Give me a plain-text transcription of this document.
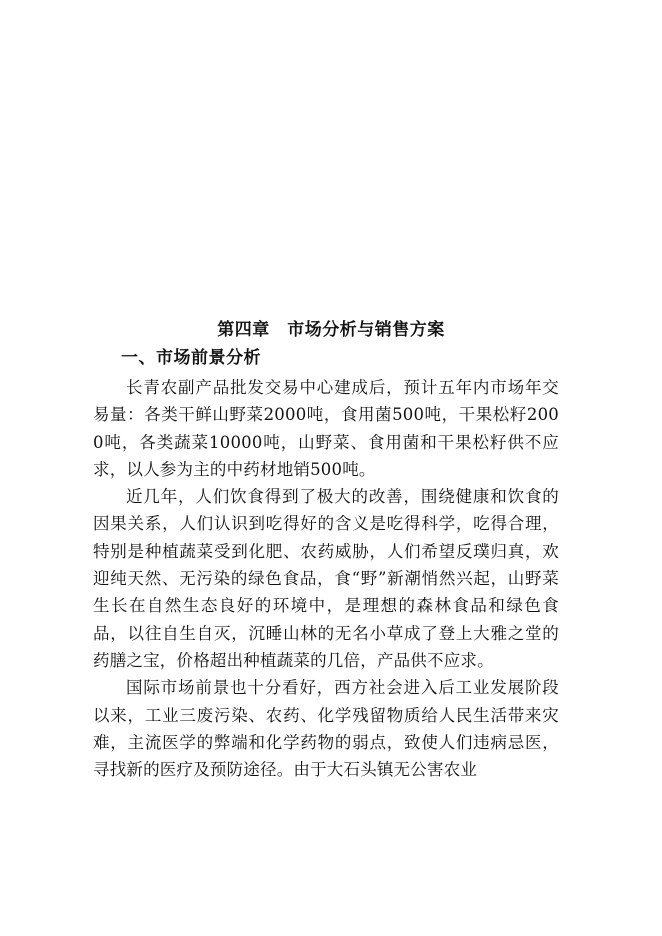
第四章　市场分析与销售方案
一、市场前景分析

长青农副产品批发交易中心建成后，预计五年内市场年交易量：各类干鲜山野菜2000吨，食用菌500吨，干果松籽2000吨，各类蔬菜10000吨，山野菜、食用菌和干果松籽供不应求，以人参为主的中药材地销500吨。

近几年，人们饮食得到了极大的改善，围绕健康和饮食的因果关系，人们认识到吃得好的含义是吃得科学，吃得合理，特别是种植蔬菜受到化肥、农药威胁，人们希望反璞归真，欢迎纯天然、无污染的绿色食品，食“野”新潮悄然兴起，山野菜生长在自然生态良好的环境中，是理想的森林食品和绿色食品，以往自生自灭，沉睡山林的无名小草成了登上大雅之堂的药膳之宝，价格超出种植蔬菜的几倍，产品供不应求。

国际市场前景也十分看好，西方社会进入后工业发展阶段以来，工业三废污染、农药、化学残留物质给人民生活带来灾难，主流医学的弊端和化学药物的弱点，致使人们违病忌医，寻找新的医疗及预防途径。由于大石头镇无公害农业
